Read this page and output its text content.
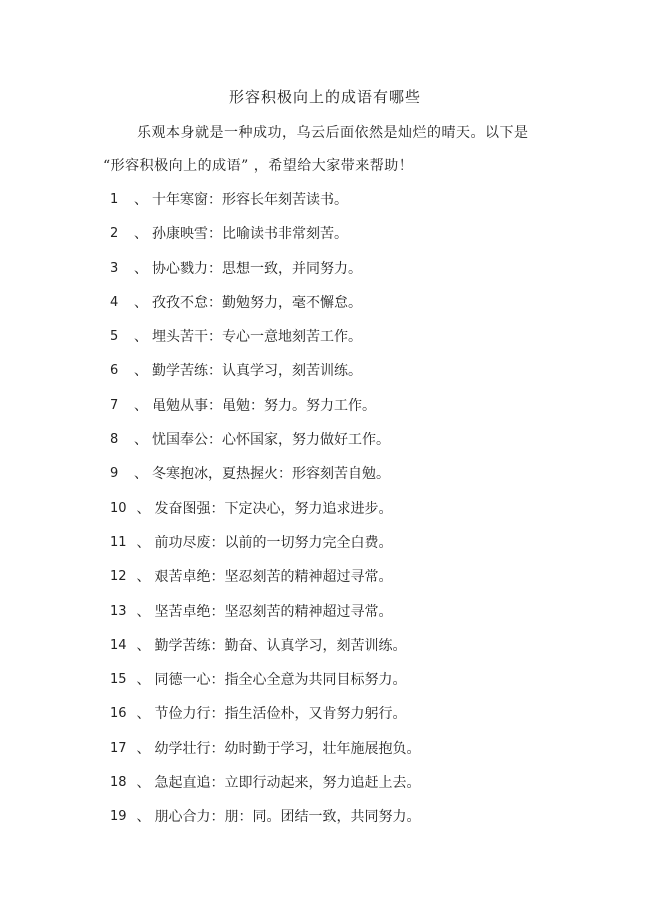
形容积极向上的成语有哪些
乐观本身就是一种成功，乌云后面依然是灿烂的晴天。以下是
“形容积极向上的成语” ，希望给大家带来帮助！
1	、 十年寒窗 ： 形容长年刻苦读书。
2	、 孙康映雪 ： 比喻读书非常刻苦。
3	、 协心戮力 ： 思想一致，并同努力。
4	、 孜孜不怠 ： 勤勉努力，毫不懈怠。
5	、 埋头苦干 ： 专心一意地刻苦工作。
6	、 勤学苦练 ： 认真学习，刻苦训练。
7	、 黾勉从事 ： 黾勉：努力。努力工作。
8	、 忧国奉公 ： 心怀国家，努力做好工作。
9	、 冬寒抱冰，夏热握火 ： 形容刻苦自勉。
10 、 发奋图强 ： 下定决心，努力追求进步。
11 、 前功尽废 ： 以前的一切努力完全白费。
12 、 艰苦卓绝 ： 坚忍刻苦的精神超过寻常。
13 、 坚苦卓绝 ： 坚忍刻苦的精神超过寻常。
14 、 勤学苦练 ： 勤奋、认真学习，刻苦训练。
15 、 同德一心 ： 指全心全意为共同目标努力。
16 、 节俭力行 ： 指生活俭朴，又肯努力躬行。
17 、 幼学壮行 ： 幼时勤于学习，壮年施展抱负。
18 、 急起直追 ： 立即行动起来，努力追赶上去。
19 、 朋心合力 ： 朋：同。团结一致，共同努力。
